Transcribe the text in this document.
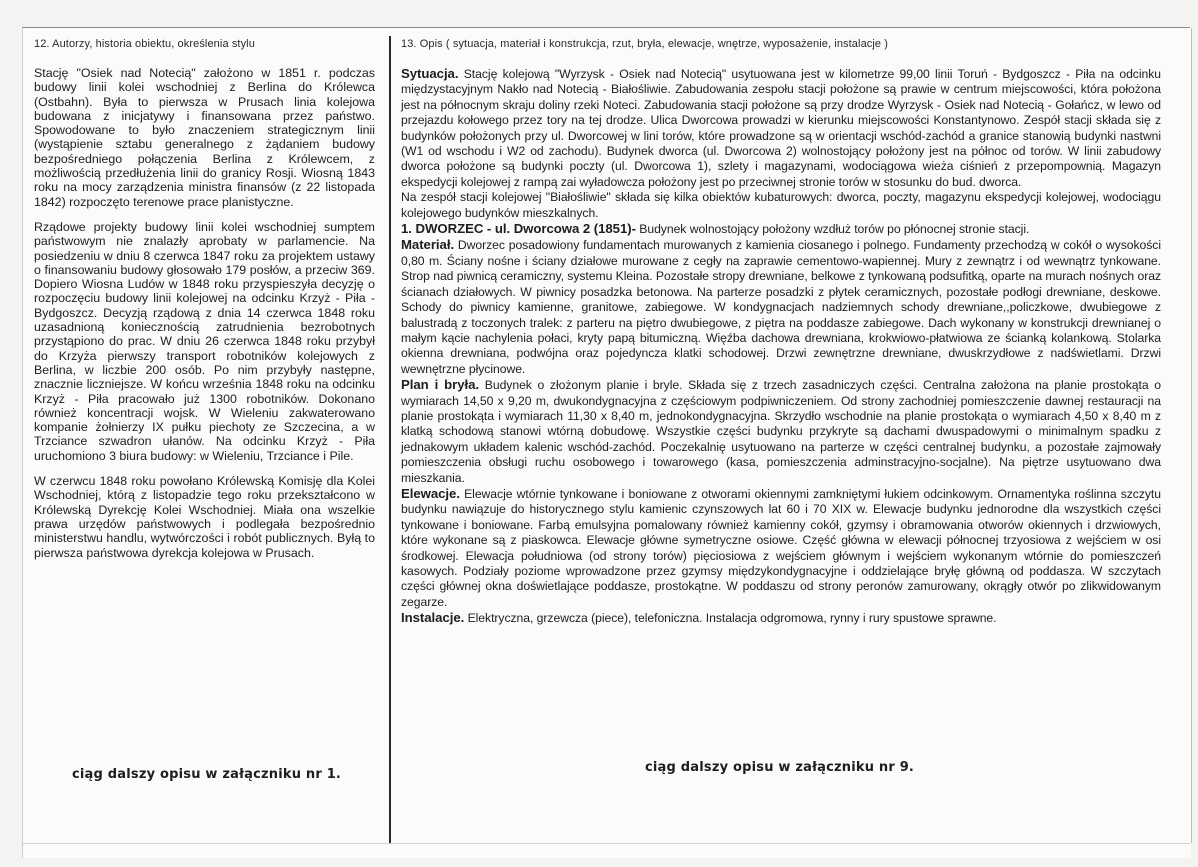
12. Autorzy, historia obiektu, określenia stylu

Stację "Osiek nad Notecią" założono w 1851 r. podczas budowy linii kolei wschodniej z Berlina do Królewca (Ostbahn). Była to pierwsza w Prusach linia kolejowa budowana z inicjatywy i finansowana przez państwo. Spowodowane to było znaczeniem strategicznym linii (wystąpienie sztabu generalnego z żądaniem budowy bezpośredniego połączenia Berlina z Królewcem, z możliwością przedłużenia linii do granicy Rosji. Wiosną 1843 roku na mocy zarządzenia ministra finansów (z 22 listopada 1842) rozpoczęto terenowe prace planistyczne.

Rządowe projekty budowy linii kolei wschodniej sumptem państwowym nie znalazły aprobaty w parlamencie. Na posiedzeniu w dniu 8 czerwca 1847 roku za projektem ustawy o finansowaniu budowy głosowało 179 posłów, a przeciw 369. Dopiero Wiosna Ludów w 1848 roku przyspieszyła decyzję o rozpoczęciu budowy linii kolejowej na odcinku Krzyż - Piła - Bydgoszcz. Decyzją rządową z dnia 14 czerwca 1848 roku uzasadnioną koniecznością zatrudnienia bezrobotnych przystąpiono do prac. W dniu 26 czerwca 1848 roku przybył do Krzyża pierwszy transport robotników kolejowych z Berlina, w liczbie 200 osób. Po nim przybyły następne, znacznie liczniejsze. W końcu września 1848 roku na odcinku Krzyż - Piła pracowało już 1300 robotników. Dokonano również koncentracji wojsk. W Wieleniu zakwaterowano kompanie żołnierzy IX pułku piechoty ze Szczecina, a w Trzciance szwadron ułanów. Na odcinku Krzyż - Piła uruchomiono 3 biura budowy: w Wieleniu, Trzciance i Pile.

W czerwcu 1848 roku powołano Królewską Komisję dla Kolei Wschodniej, którą z listopadzie tego roku przekształcono w Królewską Dyrekcję Kolei Wschodniej. Miała ona wszelkie prawa urzędów państwowych i podlegała bezpośrednio ministerstwu handlu, wytwórczości i robót publicznych. Byłą to pierwsza państwowa dyrekcja kolejowa w Prusach.

ciąg dalszy opisu w załączniku nr 1.
13. Opis ( sytuacja, materiał i konstrukcja, rzut, bryła, elewacje, wnętrze, wyposażenie, instalacje )

Sytuacja. Stację kolejową "Wyrzysk - Osiek nad Notecią" usytuowana jest w kilometrze 99,00 linii Toruń - Bydgoszcz - Piła na odcinku międzystacyjnym Nakło nad Notecią - Białośliwie. Zabudowania zespołu stacji położone są prawie w centrum miejscowości, która położona jest na północnym skraju doliny rzeki Noteci. Zabudowania stacji położone są przy drodze Wyrzysk - Osiek nad Notecią - Gołańcz, w lewo od przejazdu kołowego przez tory na tej drodze. Ulica Dworcowa prowadzi w kierunku miejscowości Konstantynowo. Zespół stacji składa się z budynków położonych przy ul. Dworcowej w lini torów, które prowadzone są w orientacji wschód-zachód a granice stanowią budynki nastwni (W1 od wschodu i W2 od zachodu). Budynek dworca (ul. Dworcowa 2) wolnostojący położony jest na północ od torów. W linii zabudowy dworca położone są budynki poczty (ul. Dworcowa 1), szlety i magazynami, wodociągowa wieża ciśnień z przepompownią. Magazyn ekspedycji kolejowej z rampą zai wyładowcza położony jest po przeciwnej stronie torów w stosunku do bud. dworca.

Na zespół stacji kolejowej "Białośliwie" składa się kilka obiektów kubaturowych: dworca, poczty, magazynu ekspedycji kolejowej, wodociągu kolejowego budynków mieszkalnych.

1. DWORZEC - ul. Dworcowa 2 (1851)- Budynek wolnostojący położony wzdłuż torów po płónocnej stronie stacji.

Materiał. Dworzec posadowiony fundamentach murowanych z kamienia ciosanego i polnego. Fundamenty przechodzą w cokół o wysokości 0,80 m. Ściany nośne i ściany działowe murowane z cegły na zaprawie cementowo-wapiennej. Mury z zewnątrz i od wewnątrz tynkowane. Strop nad piwnicą ceramiczny, systemu Kleina. Pozostałe stropy drewniane, belkowe z tynkowaną podsufitką, oparte na murach nośnych oraz ścianach działowych. W piwnicy posadzka betonowa. Na parterze posadzki z płytek ceramicznych, pozostałe podłogi drewniane, deskowe. Schody do piwnicy kamienne, granitowe, zabiegowe. W kondygnacjach nadziemnych schody drewniane,,policzkowe, dwubiegowe z balustradą z toczonych tralek: z parteru na piętro dwubiegowe, z piętra na poddasze zabiegowe. Dach wykonany w konstrukcji drewnianej o małym kącie nachylenia połaci, kryty papą bitumiczną. Więźba dachowa drewniana, krokwiowo-płatwiowa ze ścianką kolankową. Stolarka okienna drewniana, podwójna oraz pojedyncza klatki schodowej. Drzwi zewnętrzne drewniane, dwuskrzydłowe z nadświetlami. Drzwi wewnętrzne płycinowe.

Plan i bryła. Budynek o złożonym planie i bryle. Składa się z trzech zasadniczych części. Centralna założona na planie prostokąta o wymiarach 14,50 x 9,20 m, dwukondygnacyjna z częściowym podpiwniczeniem. Od strony zachodniej pomieszczenie dawnej restauracji na planie prostokąta i wymiarach 11,30 x 8,40 m, jednokondygnacyjna. Skrzydło wschodnie na planie prostokąta o wymiarach 4,50 x 8,40 m z klatką schodową stanowi wtórną dobudowę. Wszystkie części budynku przykryte są dachami dwuspadowymi o minimalnym spadku z jednakowym układem kalenic wschód-zachód. Poczekalnię usytuowano na parterze w części centralnej budynku, a pozostałe zajmowały pomieszczenia obsługi ruchu osobowego i towarowego (kasa, pomieszczenia adminstracyjno-socjalne). Na piętrze usytuowano dwa mieszkania.

Elewacje. Elewacje wtórnie tynkowane i boniowane z otworami okiennymi zamkniętymi łukiem odcinkowym. Ornamentyka roślinna szczytu budynku nawiązuje do historycznego stylu kamienic czynszowych lat 60 i 70 XIX w. Elewacje budynku jednorodne dla wszystkich części tynkowane i boniowane. Farbą emulsyjna pomalowany również kamienny cokół, gzymsy i obramowania otworów okiennych i drzwiowych, które wykonane są z piaskowca. Elewacje główne symetryczne osiowe. Część główna w elewacji północnej trzyosiowa z wejściem w osi środkowej. Elewacja południowa (od strony torów) pięciosiowa z wejściem głównym i wejściem wykonanym wtórnie do pomieszczeń kasowych. Podziały poziome wprowadzone przez gzymsy międzykondygnacyjne i oddzielające bryłę główną od poddasza. W szczytach części głównej okna doświetlające poddasze, prostokątne. W poddaszu od strony peronów zamurowany, okrągły otwór po zlikwidowanym zegarze.

Instalacje. Elektryczna, grzewcza (piece), telefoniczna. Instalacja odgromowa, rynny i rury spustowe sprawne.

ciąg dalszy opisu w załączniku nr 9.
